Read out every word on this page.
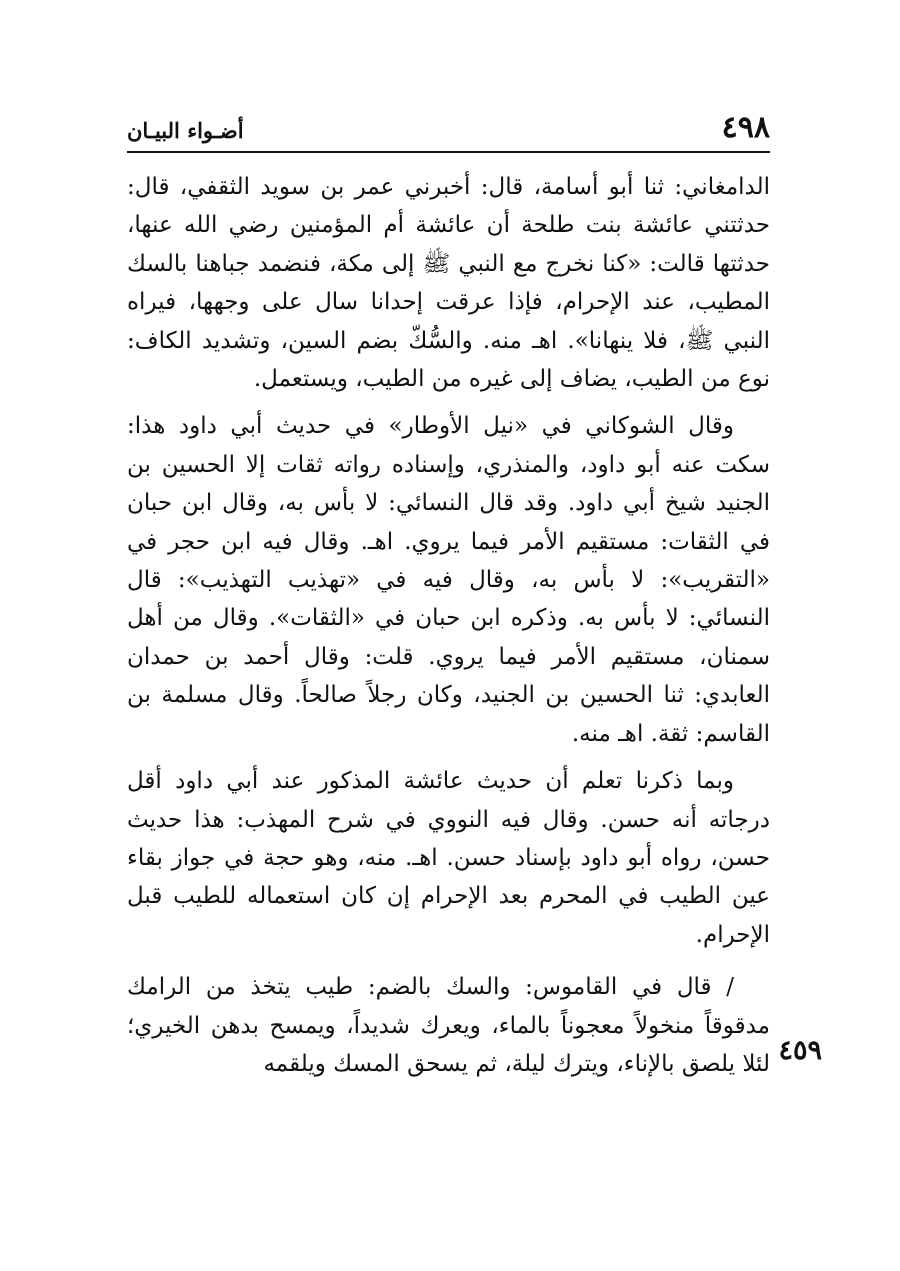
٤٩٨
أضـواء البيـان

الدامغاني: ثنا أبو أسامة، قال: أخبرني عمر بن سويد الثقفي، قال: حدثتني عائشة بنت طلحة أن عائشة أم المؤمنين رضي الله عنها، حدثتها قالت: «كنا نخرج مع النبي ﷺ إلى مكة، فنضمد جباهنا بالسك المطيب، عند الإحرام، فإذا عرقت إحدانا سال على وجهها، فيراه النبي ﷺ، فلا ينهانا». اهـ منه. والسُّكّ بضم السين، وتشديد الكاف: نوع من الطيب، يضاف إلى غيره من الطيب، ويستعمل.

وقال الشوكاني في «نيل الأوطار» في حديث أبي داود هذا: سكت عنه أبو داود، والمنذري، وإسناده رواته ثقات إلا الحسين بن الجنيد شيخ أبي داود. وقد قال النسائي: لا بأس به، وقال ابن حبان في الثقات: مستقيم الأمر فيما يروي. اهـ. وقال فيه ابن حجر في «التقريب»: لا بأس به، وقال فيه في «تهذيب التهذيب»: قال النسائي: لا بأس به. وذكره ابن حبان في «الثقات». وقال من أهل سمنان، مستقيم الأمر فيما يروي. قلت: وقال أحمد بن حمدان العابدي: ثنا الحسين بن الجنيد، وكان رجلاً صالحاً. وقال مسلمة بن القاسم: ثقة. اهـ منه.

وبما ذكرنا تعلم أن حديث عائشة المذكور عند أبي داود أقل درجاته أنه حسن. وقال فيه النووي في شرح المهذب: هذا حديث حسن، رواه أبو داود بإسناد حسن. اهـ. منه، وهو حجة في جواز بقاء عين الطيب في المحرم بعد الإحرام إن كان استعماله للطيب قبل الإحرام.

/ قال في القاموس: والسك بالضم: طيب يتخذ من الرامك مدقوقاً منخولاً معجوناً بالماء، ويعرك شديداً، ويمسح بدهن الخيري؛ لئلا يلصق بالإناء، ويترك ليلة، ثم يسحق المسك ويلقمه ٤٥٩
